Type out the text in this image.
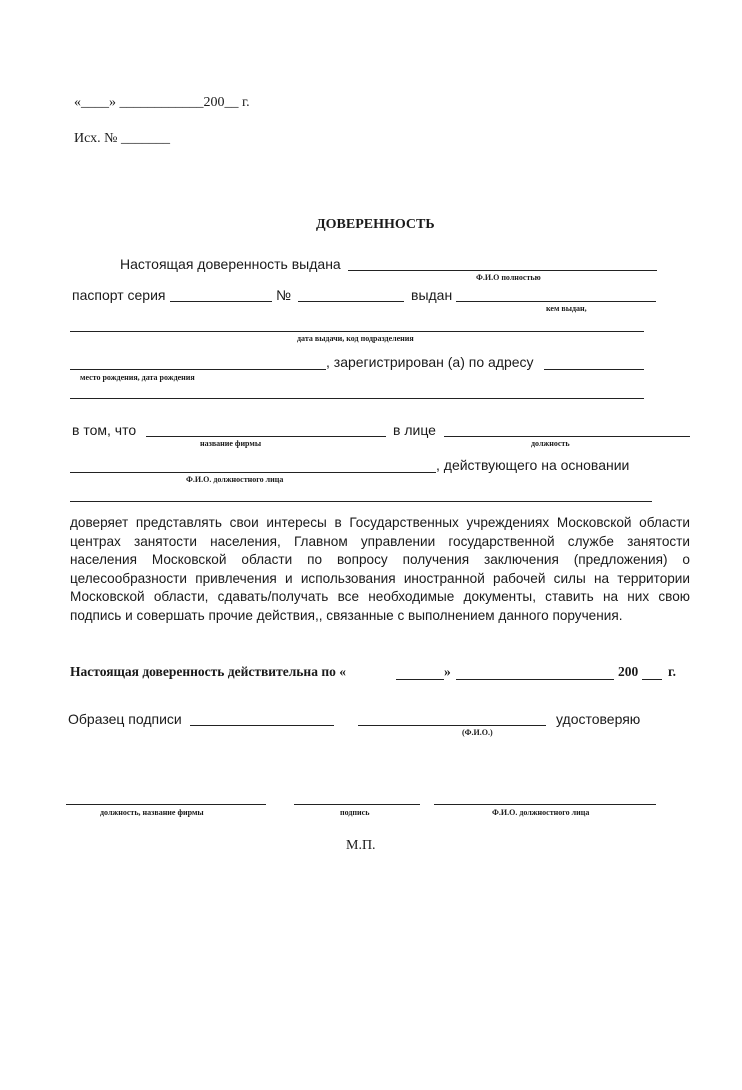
«____» ____________200__ г.
Исх. № _______
ДОВЕРЕННОСТЬ
Настоящая доверенность выдана
Ф.И.О полностью
паспорт серия	№	выдан
кем выдан,
дата выдачи, код подразделения
, зарегистрирован (а) по адресу
место рождения, дата рождения
в том, что
название фирмы
в лице
должность
, действующего на основании
Ф.И.О. должностного лица
доверяет представлять свои интересы в Государственных учреждениях Московской области центрах занятости населения, Главном управлении государственной службе занятости населения Московской области по вопросу получения заключения (предложения) о целесообразности привлечения и использования иностранной рабочей силы на территории Московской области, сдавать/получать все необходимые документы, ставить на них свою подпись и совершать прочие действия,, связанные с выполнением данного поручения.
Настоящая доверенность действительна по «	»	200 г.
Образец подписи
(Ф.И.О.)
удостоверяю
должность, название фирмы	подпись	Ф.И.О. должностного лица
М.П.
